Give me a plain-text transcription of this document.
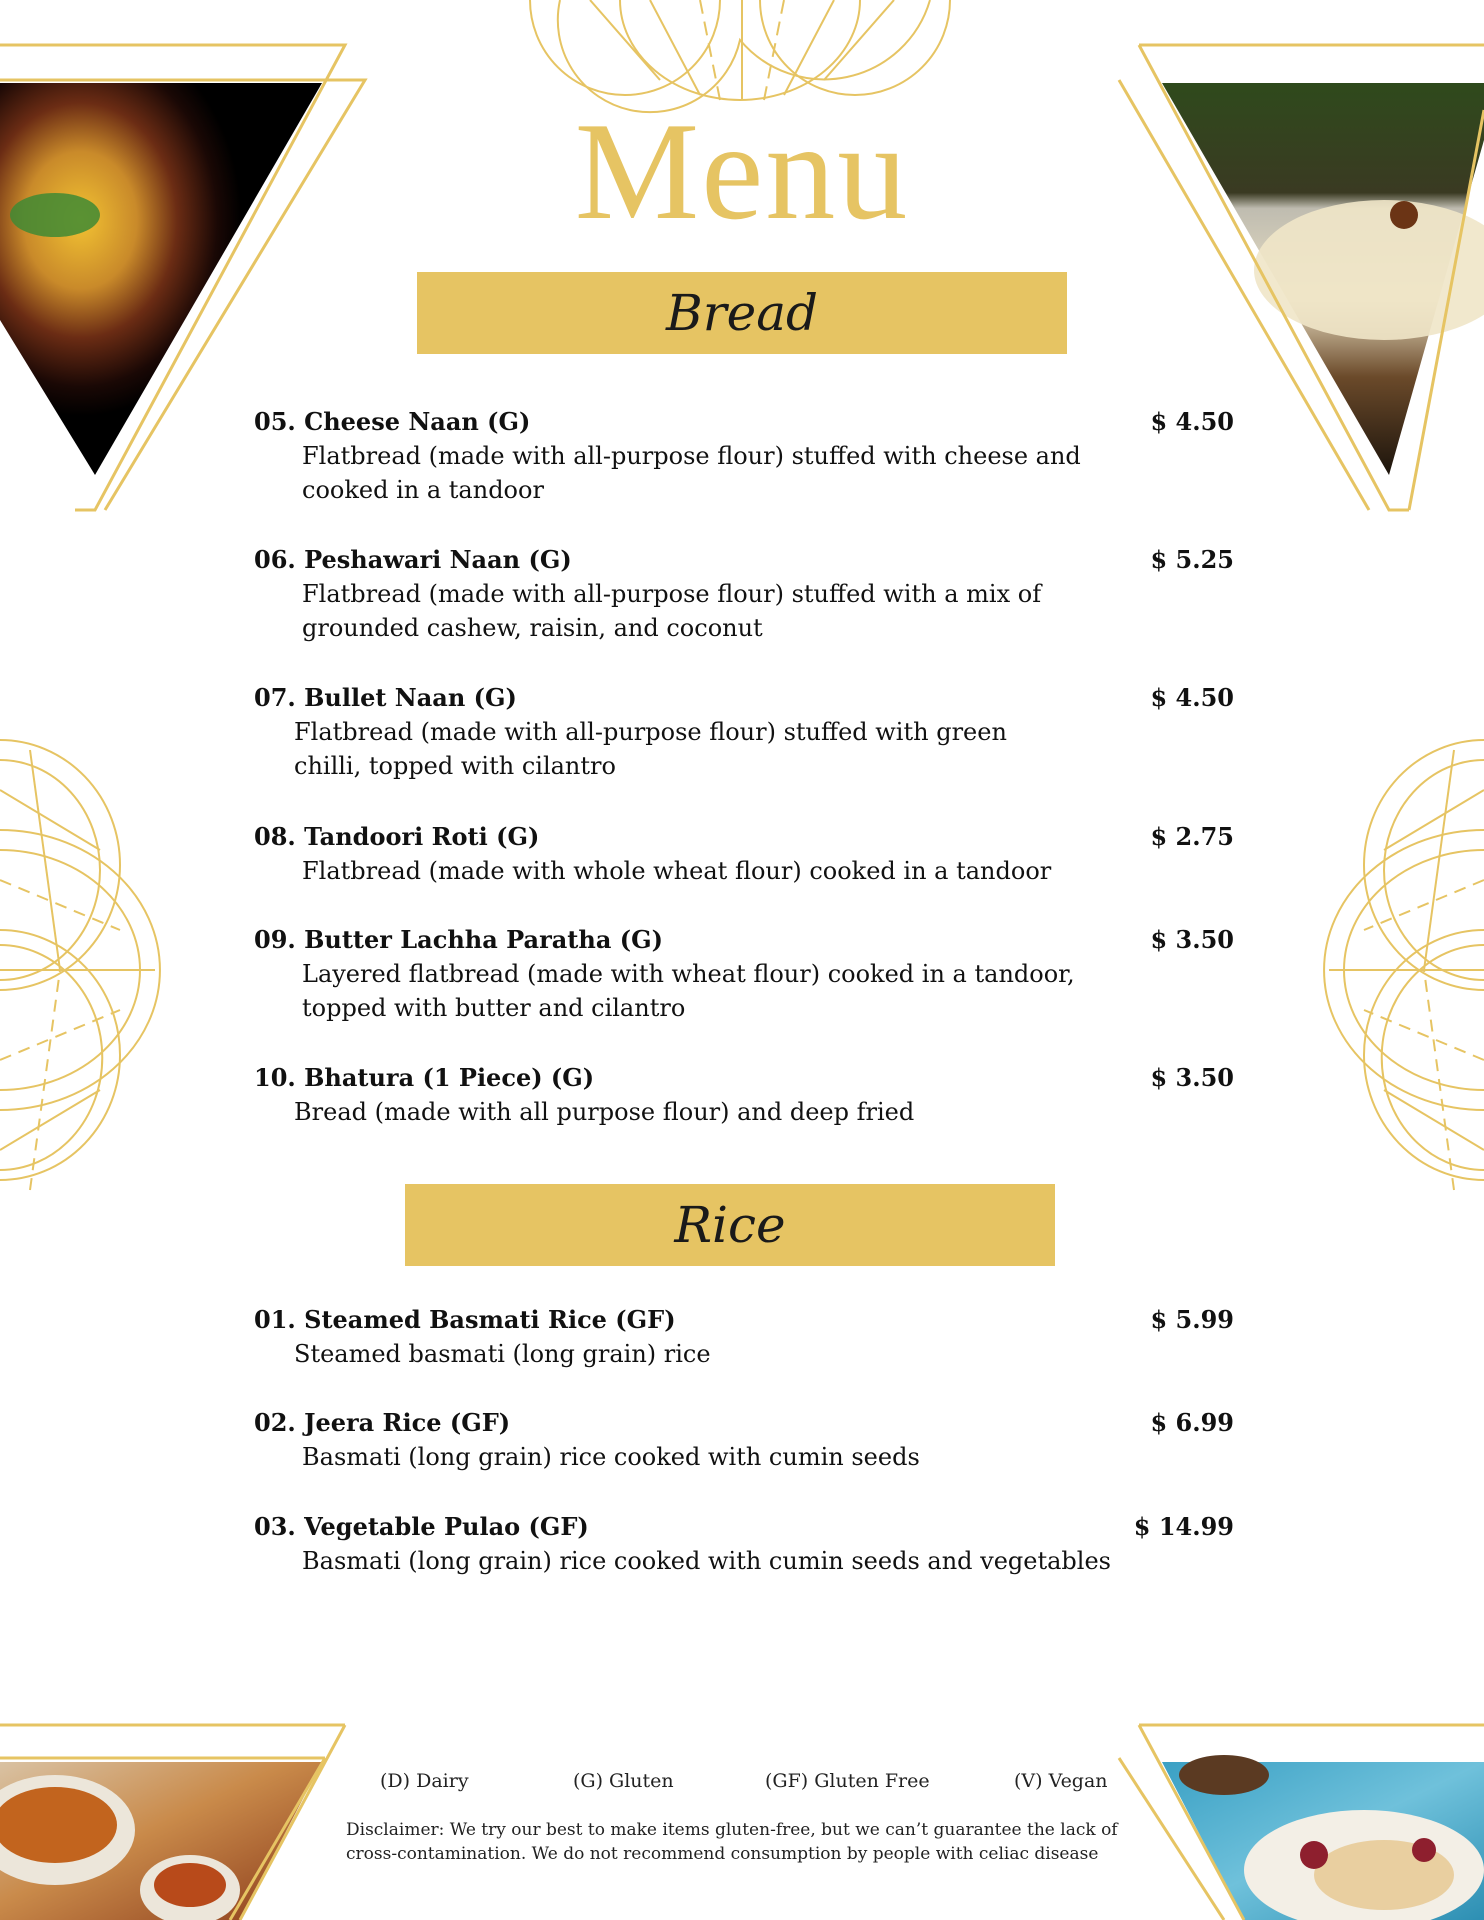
Menu
Bread
05. Cheese Naan (G)	$ 4.50
Flatbread (made with all-purpose flour) stuffed with cheese and cooked in a tandoor
06. Peshawari Naan (G)	$ 5.25
Flatbread (made with all-purpose flour) stuffed with a mix of grounded cashew, raisin, and coconut
07. Bullet Naan (G)	$ 4.50
Flatbread (made with all-purpose flour) stuffed with green chilli, topped with cilantro
08. Tandoori Roti (G)	$ 2.75
Flatbread (made with whole wheat flour) cooked in a tandoor
09. Butter Lachha Paratha (G)	$ 3.50
Layered flatbread (made with wheat flour) cooked in a tandoor, topped with butter and cilantro
10. Bhatura (1 Piece) (G)	$ 3.50
Bread (made with all purpose flour) and deep fried
Rice
01. Steamed Basmati Rice (GF)	$ 5.99
Steamed basmati (long grain) rice
02. Jeera Rice (GF)	$ 6.99
Basmati (long grain) rice cooked with cumin seeds
03. Vegetable Pulao (GF)	$ 14.99
Basmati (long grain) rice cooked with cumin seeds and vegetables
(D) Dairy	(G) Gluten	(GF) Gluten Free	(V) Vegan
Disclaimer: We try our best to make items gluten-free, but we can’t guarantee the lack of cross-contamination. We do not recommend consumption by people with celiac disease
